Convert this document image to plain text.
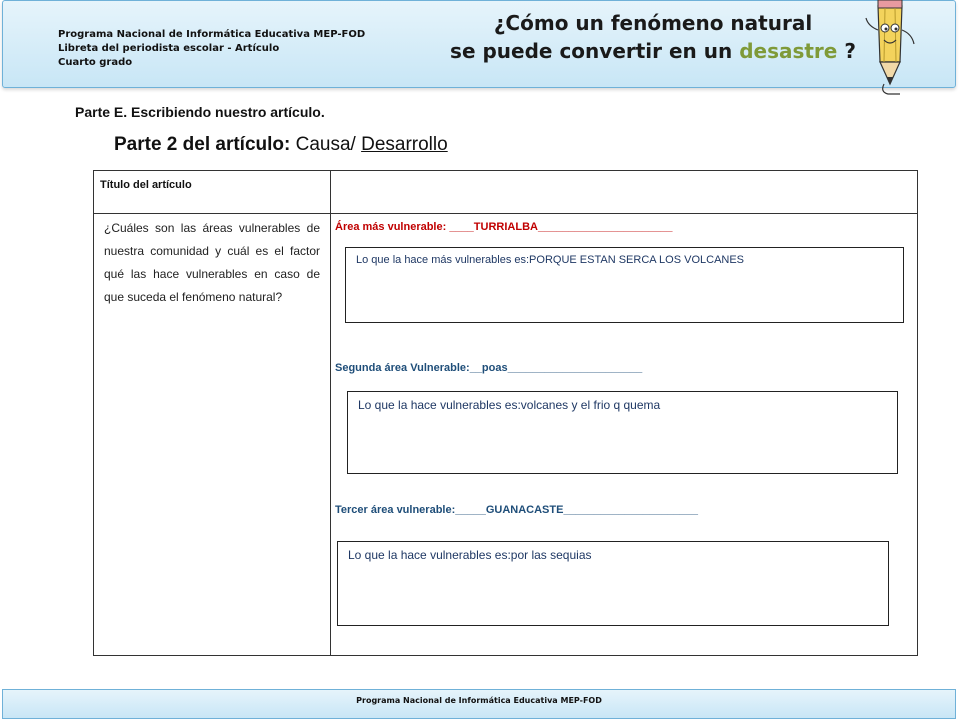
Programa Nacional de Informática Educativa MEP-FOD
Libreta del periodista escolar - Artículo
Cuarto grado
¿Cómo un fenómeno natural
se puede convertir en un desastre ?
Parte E. Escribiendo nuestro artículo.
Parte 2 del artículo: Causa/ Desarrollo
Título del artículo
¿Cuáles son las áreas vulnerables de nuestra comunidad y cuál es el factor qué las hace vulnerables en caso de que suceda el fenómeno natural?
Área más vulnerable: ____TURRIALBA______________________
Lo que la hace más vulnerables es:PORQUE ESTAN SERCA LOS VOLCANES
Segunda área Vulnerable:__poas______________________
Lo que la hace vulnerables es:volcanes y el frio q quema
Tercer área vulnerable:_____GUANACASTE______________________
Lo que la hace vulnerables es:por las sequias
Programa Nacional de Informática Educativa MEP-FOD
